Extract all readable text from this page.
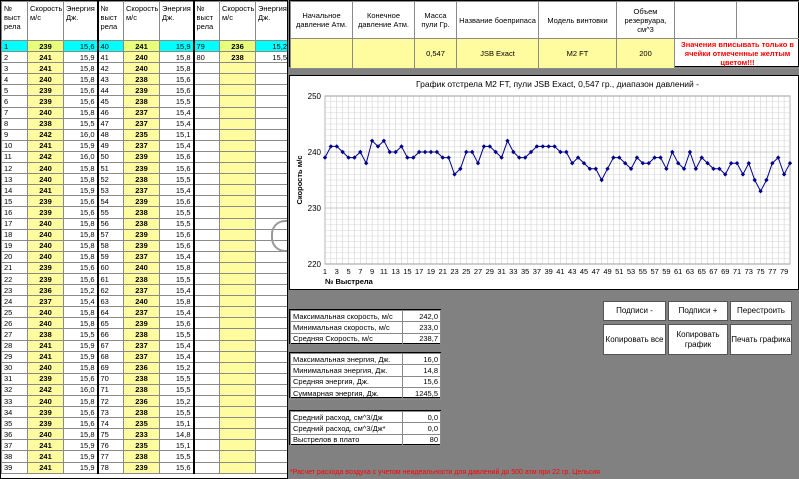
№ выст рела	Скорость м/с	Энергия Дж.	№ выст рела	Скорость м/с	Энергия Дж.	№ выст рела	Скорость м/с	Энергия Дж.
1	239	15,6	40	241	15,9	79	236	15,2
2	241	15,9	41	240	15,8	80	238	15,5
3	241	15,8	42	240	15,8			
4	240	15,8	43	238	15,6			
5	239	15,6	44	239	15,6			
6	239	15,6	45	238	15,5			
7	240	15,8	46	237	15,4			
8	238	15,5	47	237	15,4			
9	242	16,0	48	235	15,1			
10	241	15,9	49	237	15,4			
11	242	16,0	50	239	15,6			
12	240	15,8	51	239	15,6			
13	240	15,8	52	238	15,5			
14	241	15,9	53	237	15,4			
15	239	15,6	54	239	15,6			
16	239	15,6	55	238	15,5			
17	240	15,8	56	238	15,5			
18	240	15,8	57	239	15,6			
19	240	15,8	58	239	15,6			
20	240	15,8	59	237	15,4			
21	239	15,6	60	240	15,8			
22	239	15,6	61	238	15,5			
23	236	15,2	62	237	15,4			
24	237	15,4	63	240	15,8			
25	240	15,8	64	237	15,4			
26	240	15,8	65	239	15,6			
27	238	15,5	66	238	15,5			
28	241	15,9	67	237	15,4			
29	241	15,9	68	237	15,4			
30	240	15,8	69	236	15,2			
31	239	15,6	70	238	15,5			
32	242	16,0	71	238	15,5			
33	240	15,8	72	236	15,2			
34	239	15,6	73	238	15,5			
35	239	15,6	74	235	15,1			
36	240	15,8	75	233	14,8			
37	241	15,9	76	235	15,1			
38	241	15,9	77	238	15,5			
39	241	15,9	78	239	15,6			
Начальное давление Атм.	Конечное давление Атм.	Масса пули Гр.	Название боеприпаса	Модель винтовки	Объем резервуара, см^3		
		0,547	JSB Exact	M2 FT	200	Значения вписывать только в ячейки отмеченные желтым цветом!!!	
График отстрела M2 FT, пули JSB Exact, 0,547 гр., диапазон давлений -
220
230
240
250
Скорость м/с
1 3 5 7 9 11 13 15 17 19 21 23 25 27 29 31 33 35 37 39 41 43 45 47 49 51 53 55 57 59 61 63 65 67 69 71 73 75 77 79
№ Выстрела
Подписи -	Подписи +	Перестроить
Копировать все
Копировать график
Печать графика
Максимальная скорость, м/с	242,0
Минимальная скорость, м/с	233,0
Средняя Скорость, м/с	238,7
Максимальная энергия, Дж.	16,0
Минимальная энергия, Дж.	14,8
Средняя энергия, Дж.	15,6
Суммарная энергия, Дж.	1245,5
Средний расход, см^3/Дж	0,0
Средний расход, см^3/Дж*	0,0
Выстрелов в плато	80
*Расчет расхода воздуха с учетом неидеальности для давлений до 500 атм при 22 гр. Цельсия
